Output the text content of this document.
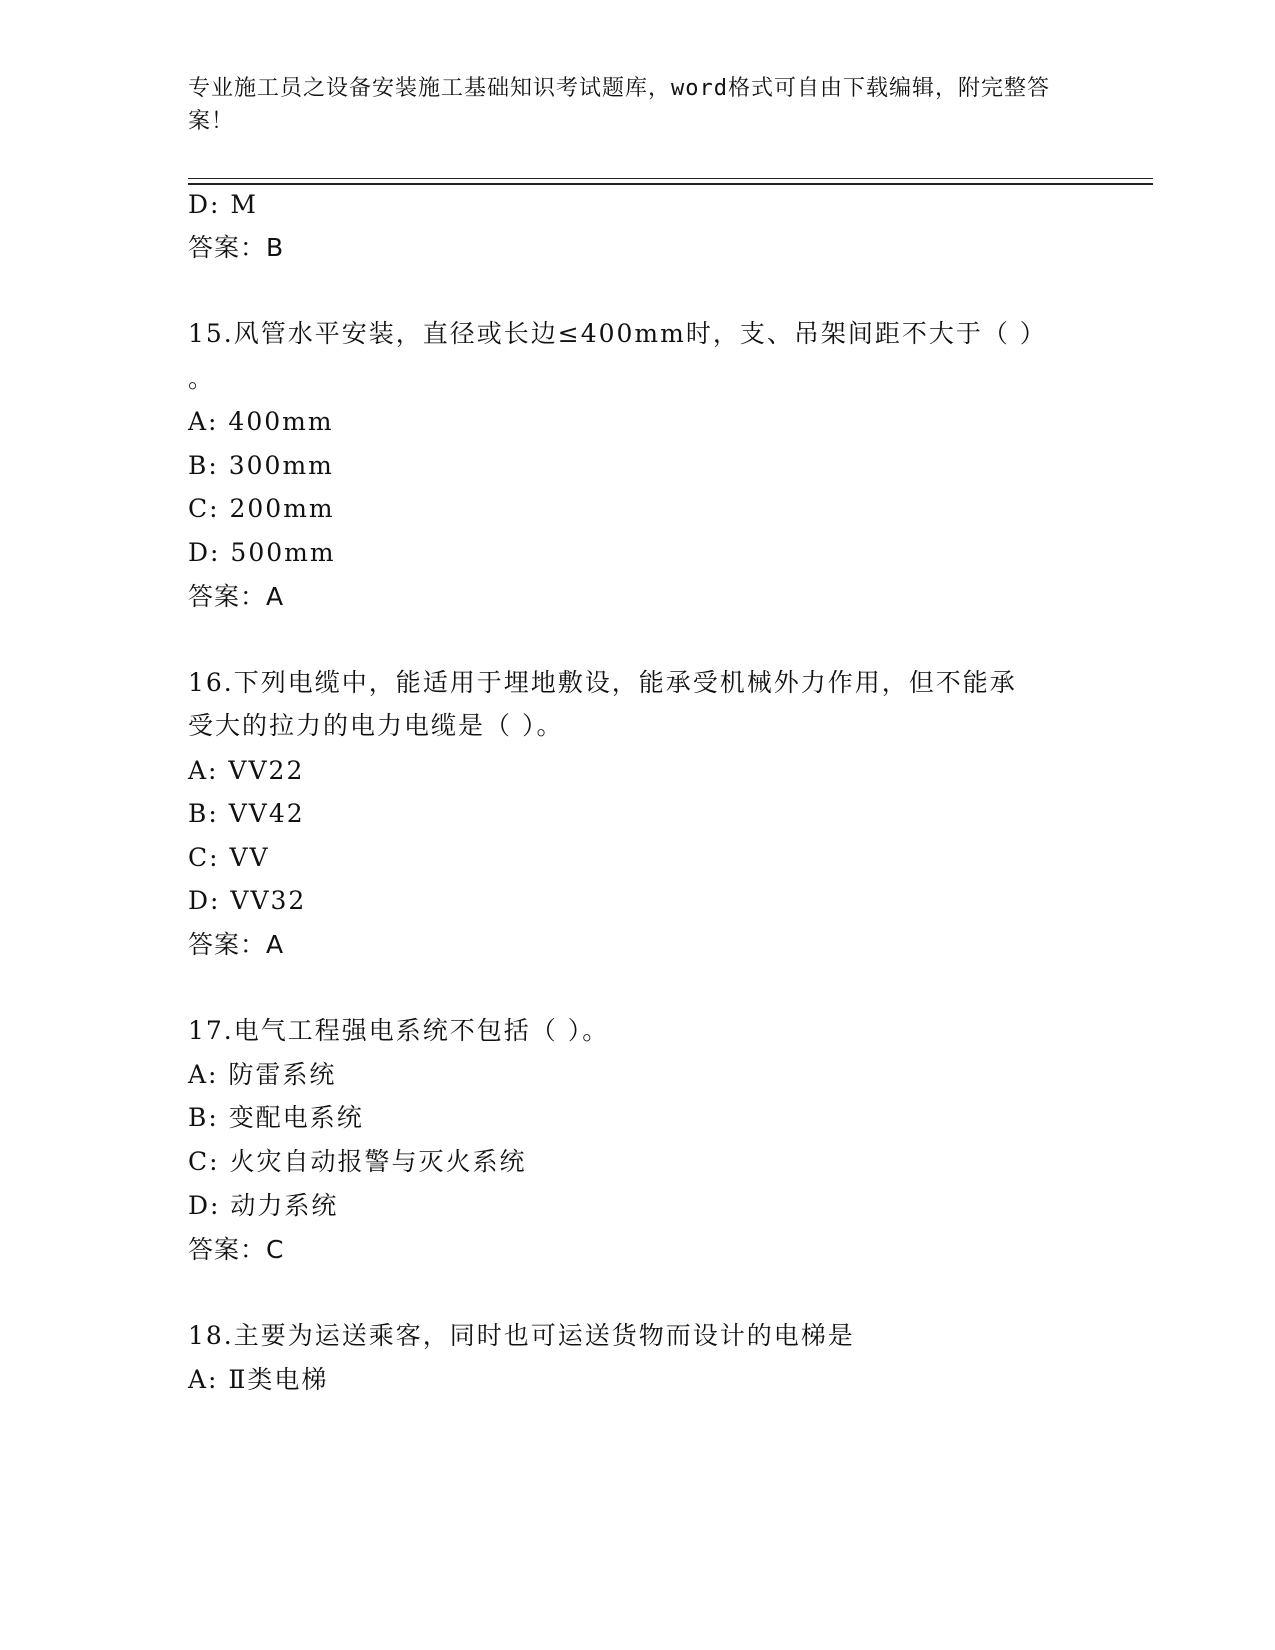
专业施工员之设备安装施工基础知识考试题库，word格式可自由下载编辑，附完整答案！
D: M
答案：B
15.风管水平安装，直径或长边≤400mm时，支、吊架间距不大于（ ）
。
A: 400mm
B: 300mm
C: 200mm
D: 500mm
答案：A
16.下列电缆中，能适用于埋地敷设，能承受机械外力作用，但不能承
受大的拉力的电力电缆是（ ）。
A: VV22
B: VV42
C: VV
D: VV32
答案：A
17.电气工程强电系统不包括（ ）。
A: 防雷系统
B: 变配电系统
C: 火灾自动报警与灭火系统
D: 动力系统
答案：C
18.主要为运送乘客，同时也可运送货物而设计的电梯是
A: Ⅱ类电梯
